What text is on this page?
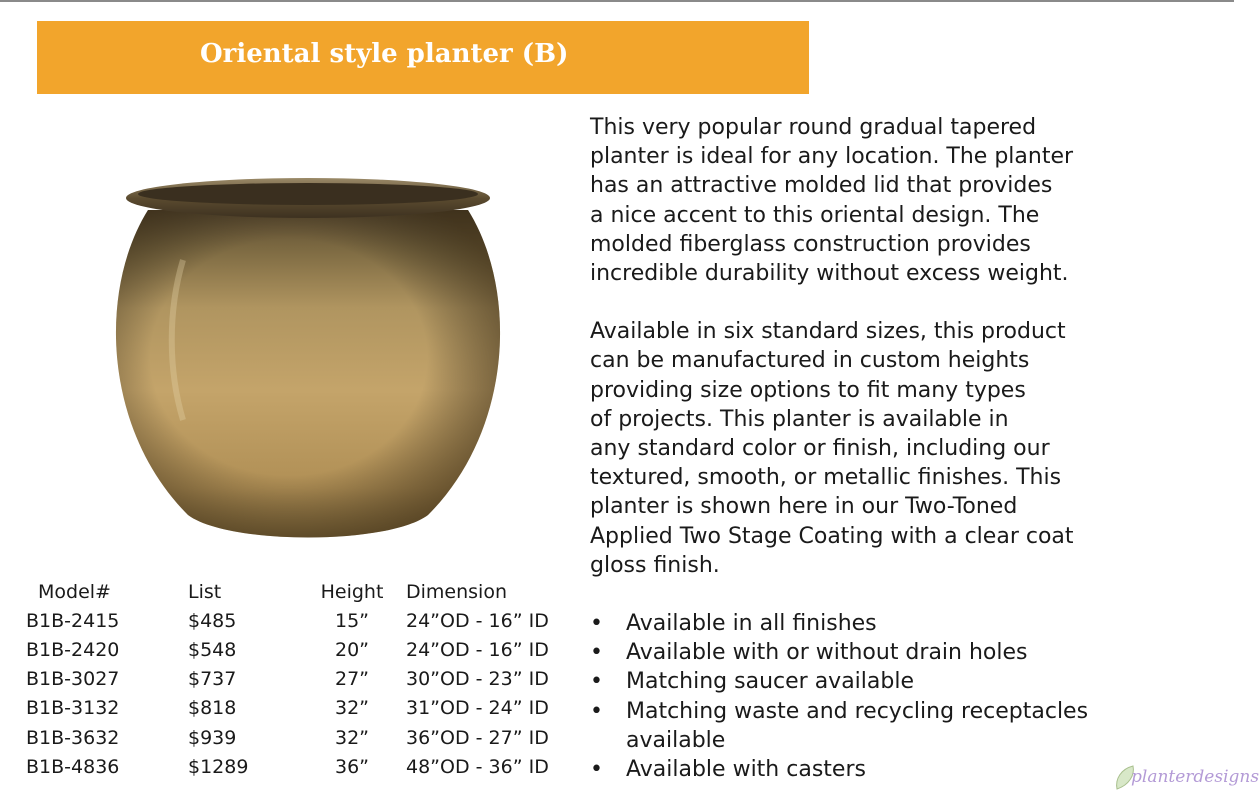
Oriental style planter (B)

This very popular round gradual tapered
planter is ideal for any location. The planter
has an attractive molded lid that provides
a nice accent to this oriental design. The
molded fiberglass construction provides
incredible durability without excess weight.

Available in six standard sizes, this product
can be manufactured in custom heights
providing size options to fit many types
of projects. This planter is available in
any standard color or finish, including our
textured, smooth, or metallic finishes. This
planter is shown here in our Two-Toned
Applied Two Stage Coating with a clear coat
gloss finish.

• Available in all finishes
• Available with or without drain holes
• Matching saucer available
• Matching waste and recycling receptacles available
• Available with casters
Model#	List	Height	Dimension
B1B-2415	$485	15”	24”OD - 16” ID
B1B-2420	$548	20”	24”OD - 16” ID
B1B-3027	$737	27”	30”OD - 23” ID
B1B-3132	$818	32”	31”OD - 24” ID
B1B-3632	$939	32”	36”OD - 27” ID
B1B-4836	$1289	36”	48”OD - 36” ID	planterdesigns
